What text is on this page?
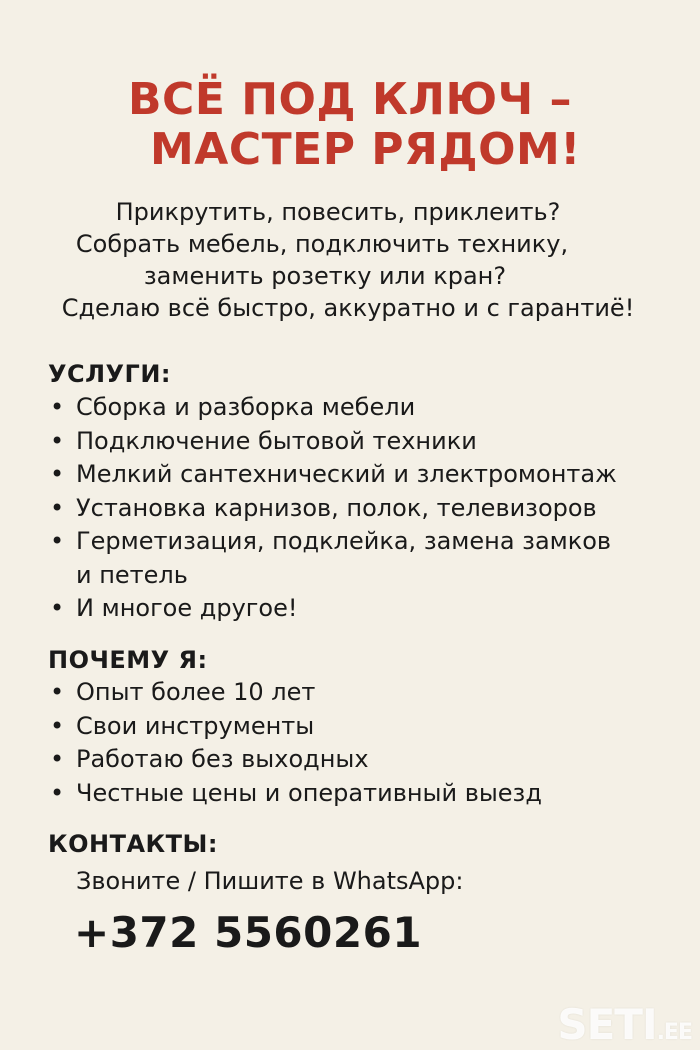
ВСЁ ПОД КЛЮЧ –
МАСТЕР РЯДОМ!
Прикрутить, повесить, приклеить?
Собрать мебель, подключить технику,
заменить розетку или кран?
Сделаю всё быстро, аккуратно и с гарантиё!
УСЛУГИ:
• Сборка и разборка мебели
• Подключение бытовой техники
• Мелкий сантехнический и злектромонтаж
• Установка карнизов, полок, телевизоров
• Герметизация, подклейка, замена замков
и петель
• И многое другое!
ПОЧЕМУ Я:
• Опыт более 10 лет
• Свои инструменты
• Работаю без выходных
• Честные цены и оперативный выезд
КОНТАКТЫ:
Звоните / Пишите в WhatsApp:
+372 5560261
SETI.EE
